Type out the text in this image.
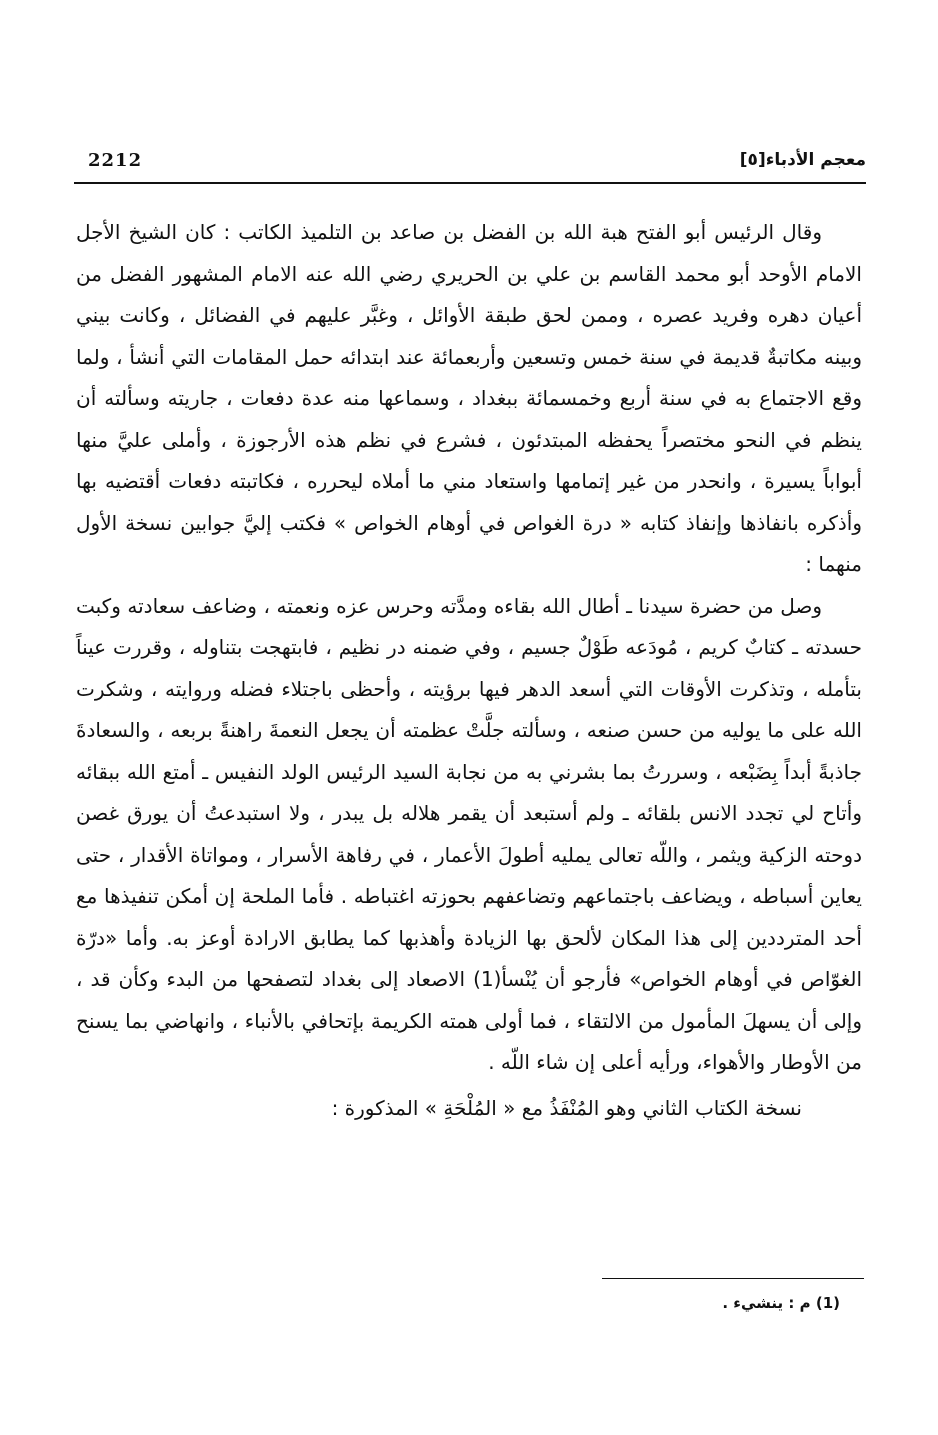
معجم الأدباء[٥]
2212

وقال الرئيس أبو الفتح هبة الله بن الفضل بن صاعد بن التلميذ الكاتب : كان الشيخ الأجل الامام الأوحد أبو محمد القاسم بن علي بن الحريري رضي الله عنه الامام المشهور الفضل من أعيان دهره وفريد عصره ، وممن لحق طبقة الأوائل ، وغبَّر عليهم في الفضائل ، وكانت بيني وبينه مكاتبةٌ قديمة في سنة خمس وتسعين وأربعمائة عند ابتدائه حمل المقامات التي أنشأ ، ولما وقع الاجتماع به في سنة أربع وخمسمائة ببغداد ، وسماعها منه عدة دفعات ، جاريته وسألته أن ينظم في النحو مختصراً يحفظه المبتدئون ، فشرع في نظم هذه الأرجوزة ، وأملى عليَّ منها أبواباً يسيرة ، وانحدر من غير إتمامها واستعاد مني ما أملاه ليحرره ، فكاتبته دفعات أقتضيه بها وأذكره بانفاذها وإنفاذ كتابه « درة الغواص في أوهام الخواص » فكتب إليَّ جوابين نسخة الأول منهما :

وصل من حضرة سيدنا ـ أطال الله بقاءه ومدَّته وحرس عزه ونعمته ، وضاعف سعادته وكبت حسدته ـ كتابٌ كريم ، مُودَعه طَوْلٌ جسيم ، وفي ضمنه در نظيم ، فابتهجت بتناوله ، وقررت عيناً بتأمله ، وتذكرت الأوقات التي أسعد الدهر فيها برؤيته ، وأحظى باجتلاء فضله وروايته ، وشكرت الله على ما يوليه من حسن صنعه ، وسألته جلَّتْ عظمته أن يجعل النعمةَ راهنةً بربعه ، والسعادةَ جاذبةً أبداً بِضَبْعه ، وسررتُ بما بشرني به من نجابة السيد الرئيس الولد النفيس ـ أمتع الله ببقائه وأتاح لي تجدد الانس بلقائه ـ ولم أستبعد أن يقمر هلاله بل يبدر ، ولا استبدعتُ أن يورق غصن دوحته الزكية ويثمر ، واللّه تعالى يمليه أطولَ الأعمار ، في رفاهة الأسرار ، ومواتاة الأقدار ، حتى يعاين أسباطه ، ويضاعف باجتماعهم وتضاعفهم بحوزته اغتباطه . فأما الملحة إن أمكن تنفيذها مع أحد المترددين إلى هذا المكان لألحق بها الزيادة وأهذبها كما يطابق الارادة أوعز به. وأما «درّة الغوّاص في أوهام الخواص» فأرجو أن يُنْسأ(1) الاصعاد إلى بغداد لتصفحها من البدء وكأن قد ، وإلى أن يسهلَ المأمول من الالتقاء ، فما أولى همته الكريمة بإتحافي بالأنباء ، وانهاضي بما يسنح من الأوطار والأهواء، ورأيه أعلى إن شاء اللّه .

نسخة الكتاب الثاني وهو المُنْفَذُ مع « المُلْحَةِ » المذكورة :

(1) م : ينشيء .
